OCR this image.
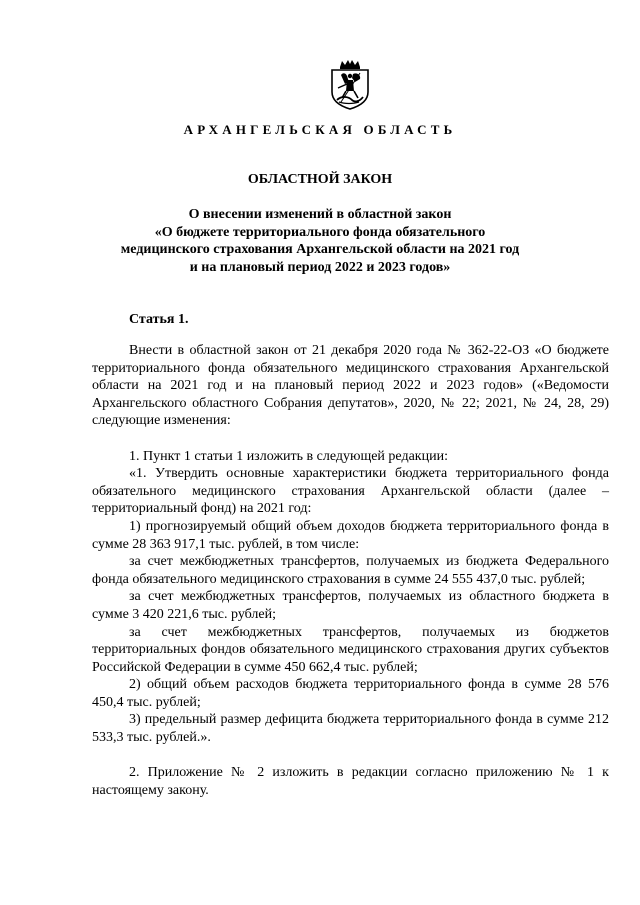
АРХАНГЕЛЬСКАЯ ОБЛАСТЬ
ОБЛАСТНОЙ ЗАКОН
О внесении изменений в областной закон
«О бюджете территориального фонда обязательного
медицинского страхования Архангельской области на 2021 год
и на плановый период 2022 и 2023 годов»
Статья 1.

Внести в областной закон от 21 декабря 2020 года № 362-22-ОЗ «О бюджете территориального фонда обязательного медицинского страхования Архангельской области на 2021 год и на плановый период 2022 и 2023 годов» («Ведомости Архангельского областного Собрания депутатов», 2020, № 22; 2021, № 24, 28, 29) следующие изменения:

1. Пункт 1 статьи 1 изложить в следующей редакции:

«1. Утвердить основные характеристики бюджета территориального фонда обязательного медицинского страхования Архангельской области (далее – территориальный фонд) на 2021 год:

1) прогнозируемый общий объем доходов бюджета территориального фонда в сумме 28 363 917,1 тыс. рублей, в том числе:

за счет межбюджетных трансфертов, получаемых из бюджета Федерального фонда обязательного медицинского страхования в сумме 24 555 437,0 тыс. рублей;

за счет межбюджетных трансфертов, получаемых из областного бюджета в сумме 3 420 221,6 тыс. рублей;

за счет межбюджетных трансфертов, получаемых из бюджетов территориальных фондов обязательного медицинского страхования других субъектов Российской Федерации в сумме 450 662,4 тыс. рублей;

2) общий объем расходов бюджета территориального фонда в сумме 28 576 450,4 тыс. рублей;

3) предельный размер дефицита бюджета территориального фонда в сумме 212 533,3 тыс. рублей.».

2. Приложение № 2 изложить в редакции согласно приложению № 1 к настоящему закону.
